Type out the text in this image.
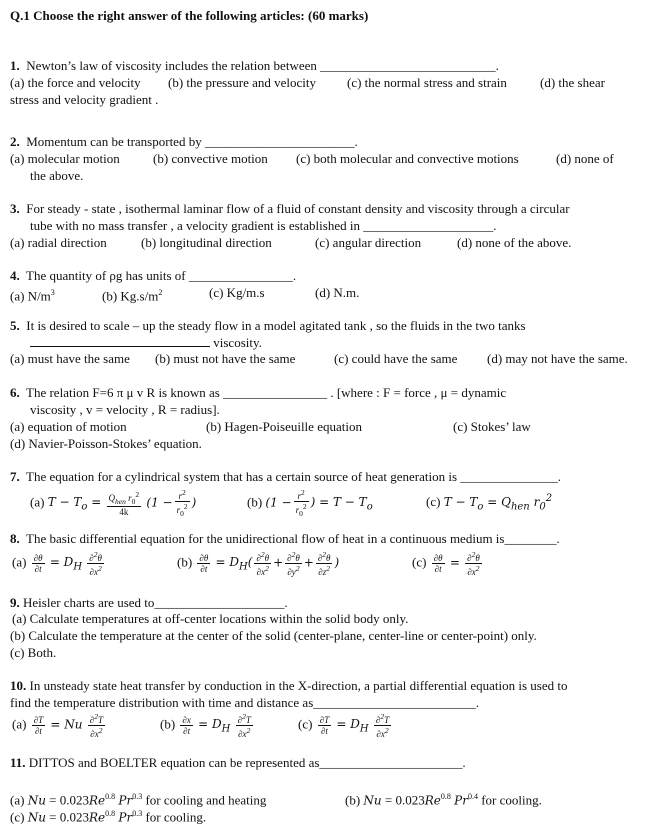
Q.1 Choose the right answer of the following articles: (60 marks)
1. Newton’s law of viscosity includes the relation between ___________________________.
(a) the force and velocity (b) the pressure and velocity (c) the normal stress and strain	(d) the shear
stress and velocity gradient .
2. Momentum can be transported by _______________________.
(a) molecular motion	(b) convective motion (c) both molecular and convective motions	(d) none of
the above.
3. For steady - state , isothermal laminar flow of a fluid of constant density and viscosity through a circular
tube with no mass transfer , a velocity gradient is established in ____________________.
(a) radial direction	(b) longitudinal direction	(c) angular direction	(d) none of the above.
4. The quantity of ρg has units of ________________.
(a) $N/m^3$	(b) $Kg.s/m^2$	(c) Kg/m.s	(d) N.m.
5. It is desired to scale – up the steady flow in a model agitated tank , so the fluids in the two tanks
viscosity.
(a) must have the same (b) must not have the same	(c) could have the same (d) may not have the same.
6. The relation F=6 π μ v R is known as ________________ . [where : F = force , μ = dynamic
viscosity , v = velocity , R = radius].
(a) equation of motion	(b) Hagen-Poiseuille equation	(c) Stokes’ law
(d) Navier-Poisson-Stokes’ equation.
7. The equation for a cylindrical system that has a certain source of heat generation is _______________.
(a) $T - T_o = \frac{Q_{hen} r_0^2}{4k} (1 - \frac{r^2}{r_0^2}$ )	(b) ($1 - \frac{r^2}{r_0^2}$ ) = $T - T_o$	(c) $T - T_o = Q_{hen}$ $r_0^2$
8. The basic differential equation for the unidirectional flow of heat in a continuous medium is________.
$(a) \frac{\partial\theta}{\partial t} = D_H \frac{\partial^2\theta}{\partial x^2}$	$(b) \frac{\partial\theta}{\partial t} = D_H( \frac{\partial^2\theta}{\partial x^2} + \frac{\partial^2\theta}{\partial y^2} + \frac{\partial^2\theta}{\partial z^2}$ )	$(c) \frac{\partial\theta}{\partial t} = \frac{\partial^2\theta}{\partial x^2}$
9. Heisler charts are used to____________________.
(a) Calculate temperatures at off-center locations within the solid body only.
(b) Calculate the temperature at the center of the solid (center-plane, center-line or center-point) only.
(c) Both.
10. In unsteady state heat transfer by conduction in the X-direction, a partial differential equation is used to
find the temperature distribution with time and distance as_________________________.
$(a) \frac{\partial T}{\partial t} = Nu \frac{\partial^2T}{\partial x^2}$	$(b) \frac{\partial x}{\partial t} = D_H \frac{\partial^2T}{\partial x^2}$	$(c) \frac{\partial T}{\partial t} = D_H \frac{\partial^2T}{\partial x^2}$
11. DITTOS and BOELTER equation can be represented as______________________.
(a) $Nu = 0.023Re^{0.8}$ $Pr^{0.3}$ for cooling and heating	(b) $Nu = 0.023Re^{0.8}$ $Pr^{0.4}$ for cooling.
(c) $Nu = 0.023Re^{0.8}$ $Pr^{0.3}$ for cooling.
